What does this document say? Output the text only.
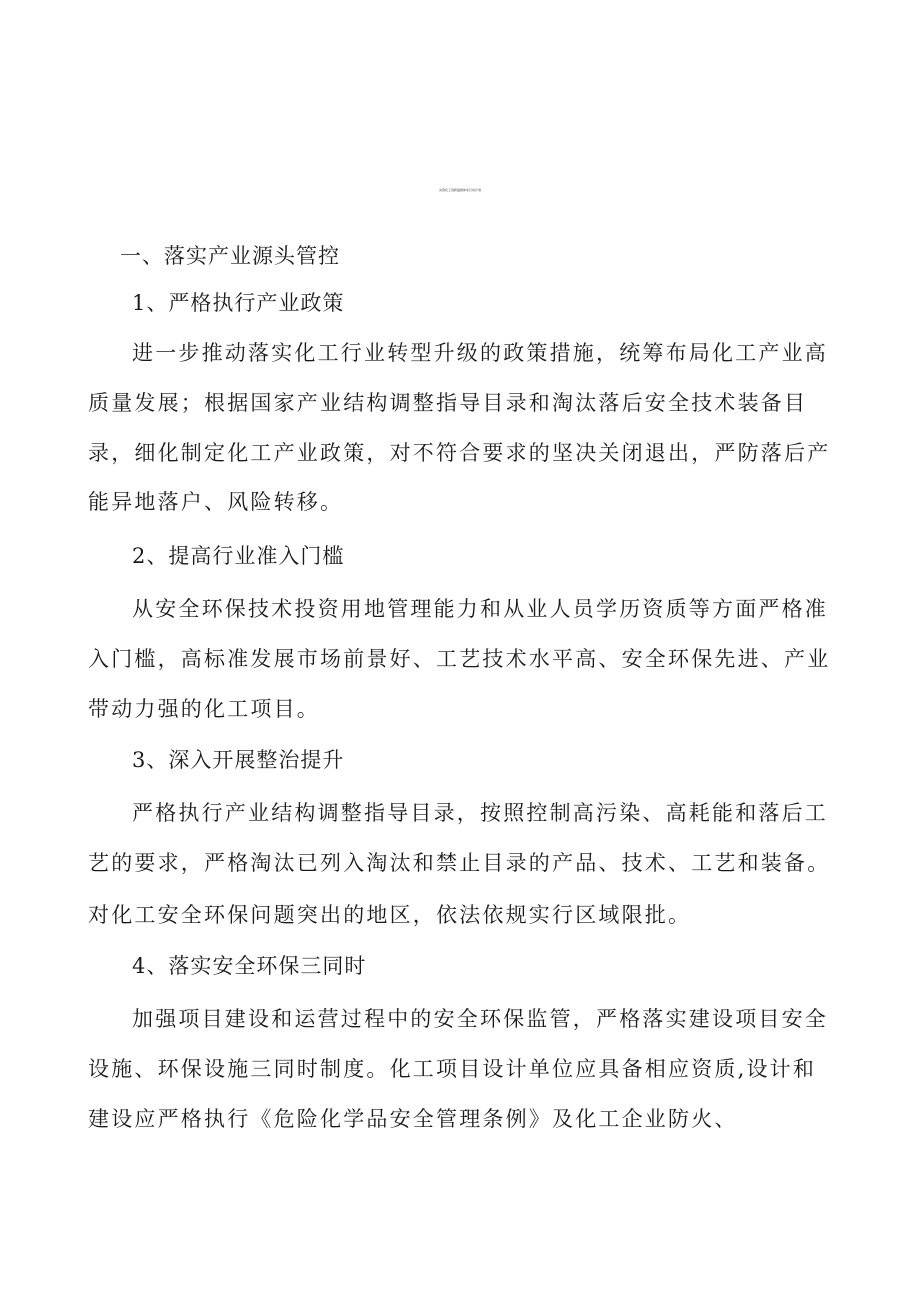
完善化工创新鼓励体系行动计划
一、落实产业源头管控
1、严格执行产业政策
进一步推动落实化工行业转型升级的政策措施，统筹布局化工产业高
质量发展；根据国家产业结构调整指导目录和淘汰落后安全技术装备目
录，细化制定化工产业政策，对不符合要求的坚决关闭退出，严防落后产
能异地落户、风险转移。
2、提高行业准入门槛
从安全环保技术投资用地管理能力和从业人员学历资质等方面严格准
入门槛，高标准发展市场前景好、工艺技术水平高、安全环保先进、产业
带动力强的化工项目。
3、深入开展整治提升
严格执行产业结构调整指导目录，按照控制高污染、高耗能和落后工
艺的要求，严格淘汰已列入淘汰和禁止目录的产品、技术、工艺和装备。
对化工安全环保问题突出的地区，依法依规实行区域限批。
4、落实安全环保三同时
加强项目建设和运营过程中的安全环保监管，严格落实建设项目安全
设施、环保设施三同时制度。化工项目设计单位应具备相应资质,设计和
建设应严格执行《危险化学品安全管理条例》及化工企业防火、
